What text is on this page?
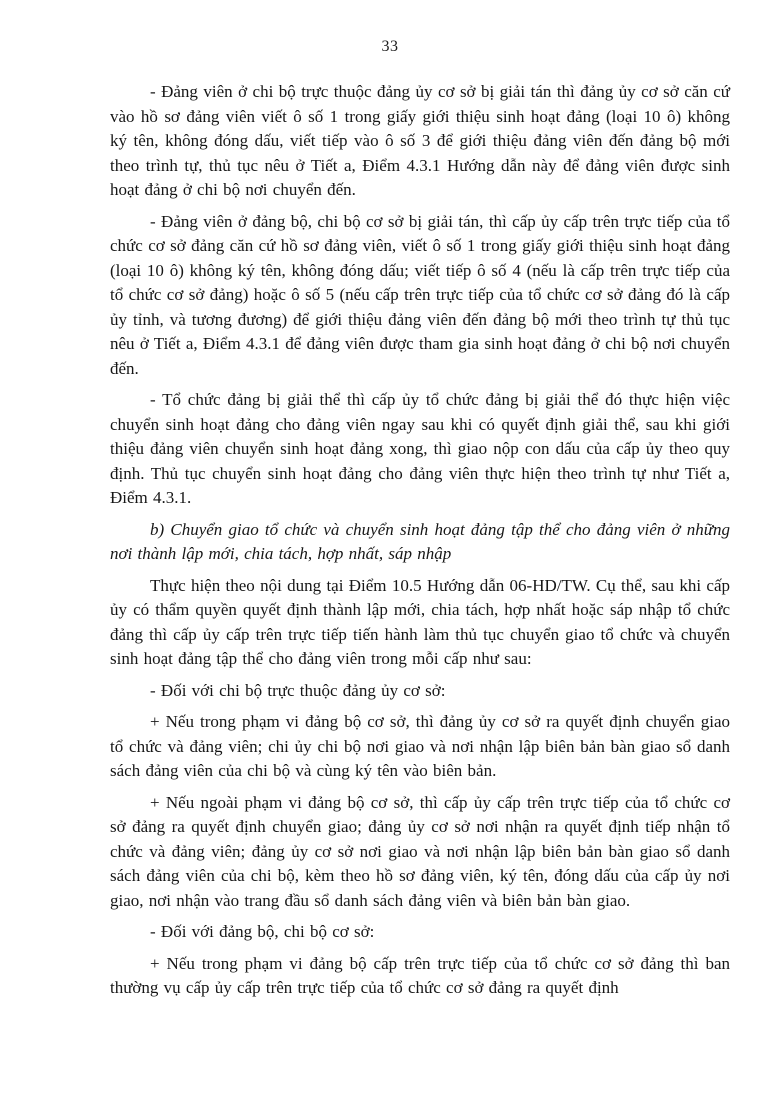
33

- Đảng viên ở chi bộ trực thuộc đảng ủy cơ sở bị giải tán thì đảng ủy cơ sở căn cứ vào hồ sơ đảng viên viết ô số 1 trong giấy giới thiệu sinh hoạt đảng (loại 10 ô) không ký tên, không đóng dấu, viết tiếp vào ô số 3 để giới thiệu đảng viên đến đảng bộ mới theo trình tự, thủ tục nêu ở Tiết a, Điểm 4.3.1 Hướng dẫn này để đảng viên được sinh hoạt đảng ở chi bộ nơi chuyển đến.

- Đảng viên ở đảng bộ, chi bộ cơ sở bị giải tán, thì cấp ủy cấp trên trực tiếp của tổ chức cơ sở đảng căn cứ hồ sơ đảng viên, viết ô số 1 trong giấy giới thiệu sinh hoạt đảng (loại 10 ô) không ký tên, không đóng dấu; viết tiếp ô số 4 (nếu là cấp trên trực tiếp của tổ chức cơ sở đảng) hoặc ô số 5 (nếu cấp trên trực tiếp của tổ chức cơ sở đảng đó là cấp ủy tỉnh, và tương đương) để giới thiệu đảng viên đến đảng bộ mới theo trình tự thủ tục nêu ở Tiết a, Điểm 4.3.1 để đảng viên được tham gia sinh hoạt đảng ở chi bộ nơi chuyển đến.

- Tổ chức đảng bị giải thể thì cấp ủy tổ chức đảng bị giải thể đó thực hiện việc chuyển sinh hoạt đảng cho đảng viên ngay sau khi có quyết định giải thể, sau khi giới thiệu đảng viên chuyển sinh hoạt đảng xong, thì giao nộp con dấu của cấp ủy theo quy định. Thủ tục chuyển sinh hoạt đảng cho đảng viên thực hiện theo trình tự như Tiết a, Điểm 4.3.1.

b) Chuyển giao tổ chức và chuyển sinh hoạt đảng tập thể cho đảng viên ở những nơi thành lập mới, chia tách, hợp nhất, sáp nhập

Thực hiện theo nội dung tại Điểm 10.5 Hướng dẫn 06-HD/TW. Cụ thể, sau khi cấp ủy có thẩm quyền quyết định thành lập mới, chia tách, hợp nhất hoặc sáp nhập tổ chức đảng thì cấp ủy cấp trên trực tiếp tiến hành làm thủ tục chuyển giao tổ chức và chuyển sinh hoạt đảng tập thể cho đảng viên trong mỗi cấp như sau:

- Đối với chi bộ trực thuộc đảng ủy cơ sở:

+ Nếu trong phạm vi đảng bộ cơ sở, thì đảng ủy cơ sở ra quyết định chuyển giao tổ chức và đảng viên; chi ủy chi bộ nơi giao và nơi nhận lập biên bản bàn giao sổ danh sách đảng viên của chi bộ và cùng ký tên vào biên bản.

+ Nếu ngoài phạm vi đảng bộ cơ sở, thì cấp ủy cấp trên trực tiếp của tổ chức cơ sở đảng ra quyết định chuyển giao; đảng ủy cơ sở nơi nhận ra quyết định tiếp nhận tổ chức và đảng viên; đảng ủy cơ sở nơi giao và nơi nhận lập biên bản bàn giao sổ danh sách đảng viên của chi bộ, kèm theo hồ sơ đảng viên, ký tên, đóng dấu của cấp ủy nơi giao, nơi nhận vào trang đầu sổ danh sách đảng viên và biên bản bàn giao.

- Đối với đảng bộ, chi bộ cơ sở:

+ Nếu trong phạm vi đảng bộ cấp trên trực tiếp của tổ chức cơ sở đảng thì ban thường vụ cấp ủy cấp trên trực tiếp của tổ chức cơ sở đảng ra quyết định
